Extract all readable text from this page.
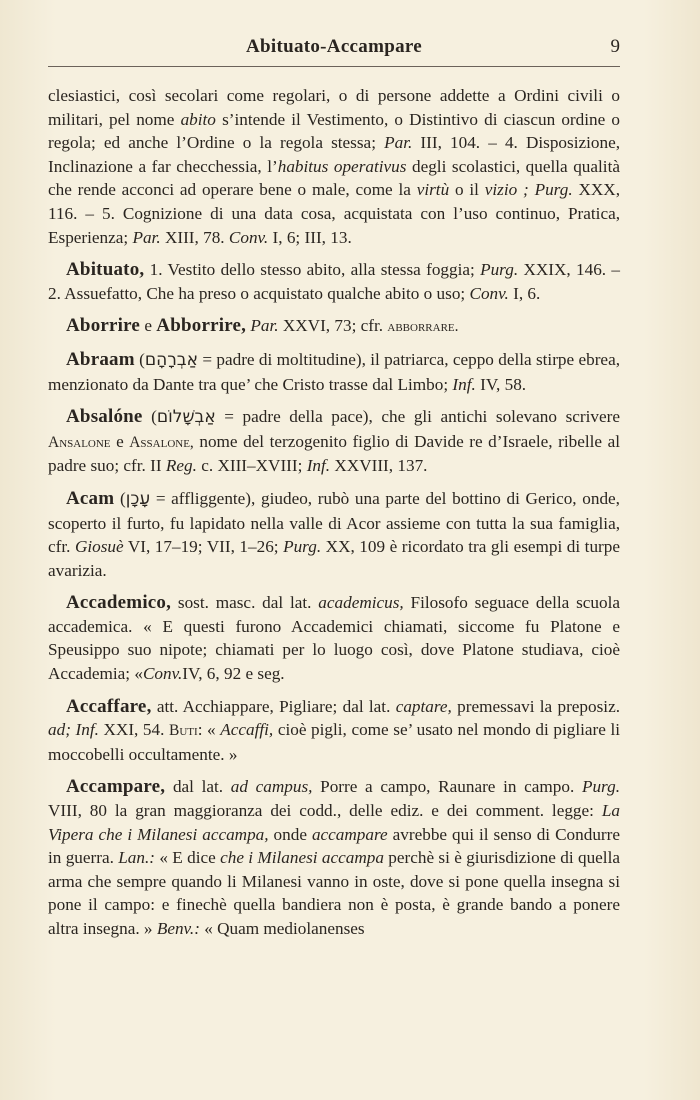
Abituato-Accampare	9

clesiastici, così secolari come regolari, o di persone addette a Ordini civili o militari, pel nome abito s’intende il Vestimento, o Distintivo di ciascun ordine o regola; ed anche l’Ordine o la regola stessa; Par. III, 104. – 4. Disposizione, Inclinazione a far checchessia, l’habitus operativus degli scolastici, quella qualità che rende acconci ad operare bene o male, come la virtù o il vizio ; Purg. XXX, 116. – 5. Cognizione di una data cosa, acquistata con l’uso continuo, Pratica, Esperienza; Par. XIII, 78. Conv. I, 6; III, 13.

Abituato, 1. Vestito dello stesso abito, alla stessa foggia; Purg. XXIX, 146. – 2. Assuefatto, Che ha preso o acquistato qualche abito o uso; Conv. I, 6.

Aborrire e Abborrire, Par. XXVI, 73; cfr. abborrare.

Abraam (אַבְרָהָם = padre di moltitudine), il patriarca, ceppo della stirpe ebrea, menzionato da Dante tra que’ che Cristo trasse dal Limbo; Inf. IV, 58.

Absalóne (אַבְשָׁלוֹם = padre della pace), che gli antichi solevano scrivere Ansalone e Assalone, nome del terzogenito figlio di Davide re d’Israele, ribelle al padre suo; cfr. II Reg. c. XIII–XVIII; Inf. XXVIII, 137.

Acam (עָכָן = affliggente), giudeo, rubò una parte del bottino di Gerico, onde, scoperto il furto, fu lapidato nella valle di Acor assieme con tutta la sua famiglia, cfr. Giosuè VI, 17–19; VII, 1–26; Purg. XX, 109 è ricordato tra gli esempi di turpe avarizia.

Accademico, sost. masc. dal lat. academicus, Filosofo seguace della scuola accademica. « E questi furono Accademici chiamati, siccome fu Platone e Speusippo suo nipote; chiamati per lo luogo così, dove Platone studiava, cioè Accademia; «Conv.IV, 6, 92 e seg.

Accaffare, att. Acchiappare, Pigliare; dal lat. captare, premessavi la preposiz. ad; Inf. XXI, 54. Buti: « Accaffi, cioè pigli, come se’ usato nel mondo di pigliare li moccobelli occultamente. »

Accampare, dal lat. ad campus, Porre a campo, Raunare in campo. Purg. VIII, 80 la gran maggioranza dei codd., delle ediz. e dei comment. legge: La Vipera che i Milanesi accampa, onde accampare avrebbe qui il senso di Condurre in guerra. Lan.: « E dice che i Milanesi accampa perchè si è giurisdizione di quella arma che sempre quando li Milanesi vanno in oste, dove si pone quella insegna si pone il campo: e finechè quella bandiera non è posta, è grande bando a ponere altra insegna. » Benv.: « Quam mediolanenses
